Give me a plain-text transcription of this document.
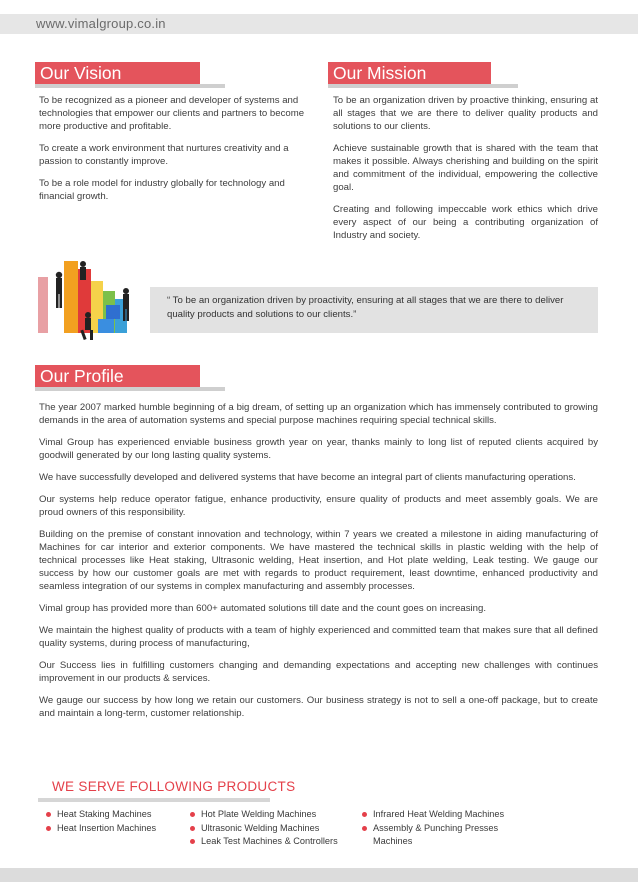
www.vimalgroup.co.in
Our Vision

To be recognized as a pioneer and developer of systems and technologies that empower our clients and partners to become more productive and profitable.

To create a work environment that nurtures creativity and a passion to constantly improve.

To be a role model for industry globally for technology and financial growth.

Our Mission

To be an organization driven by proactive thinking, ensuring at all stages that we are there to deliver quality products and solutions to our clients.

Achieve sustainable growth that is shared with the team that makes it possible. Always cherishing and building on the spirit and commitment of the individual, empowering the collective goal.

Creating and following impeccable work ethics which drive every aspect of our being a contributing organization of Industry and society.

“ To be an organization driven by proactivity, ensuring at all stages that we are there to deliver quality products and solutions to our clients.”
Our Profile

The year 2007 marked humble beginning of a big dream, of setting up an organization which has immensely contributed to growing demands in the area of automation systems and special purpose machines requiring special technical skills.

Vimal Group has experienced enviable business growth year on year, thanks mainly to long list of reputed clients acquired by goodwill generated by our long lasting quality systems.

We have successfully developed and delivered systems that have become an integral part of clients manufacturing operations.

Our systems help reduce operator fatigue, enhance productivity, ensure quality of products and meet assembly goals. We are proud owners of this responsibility.

Building on the premise of constant innovation and technology, within 7 years we created a milestone in aiding manufacturing of Machines for car interior and exterior components. We have mastered the technical skills in plastic welding with the help of technical processes like Heat staking, Ultrasonic welding, Heat insertion, and Hot plate welding, Leak testing. We gauge our success by how our customer goals are met with regards to product requirement, least downtime, enhanced productivity and seamless integration of our systems in complex manufacturing and assembly processes.

Vimal group has provided more than 600+ automated solutions till date and the count goes on increasing.

We maintain the highest quality of products with a team of highly experienced and committed team that makes sure that all defined quality systems, during process of manufacturing,

Our Success lies in fulfilling customers changing and demanding expectations and accepting new challenges with continues improvement in our products & services.

We gauge our success by how long we retain our customers. Our business strategy is not to sell a one-off package, but to create and maintain a long-term, customer relationship.

WE SERVE FOLLOWING PRODUCTS
Heat Staking Machines
Heat Insertion Machines
Hot Plate Welding Machines
Ultrasonic Welding Machines
Leak Test Machines & Controllers
Infrared Heat Welding Machines
Assembly & Punching Presses Machines
